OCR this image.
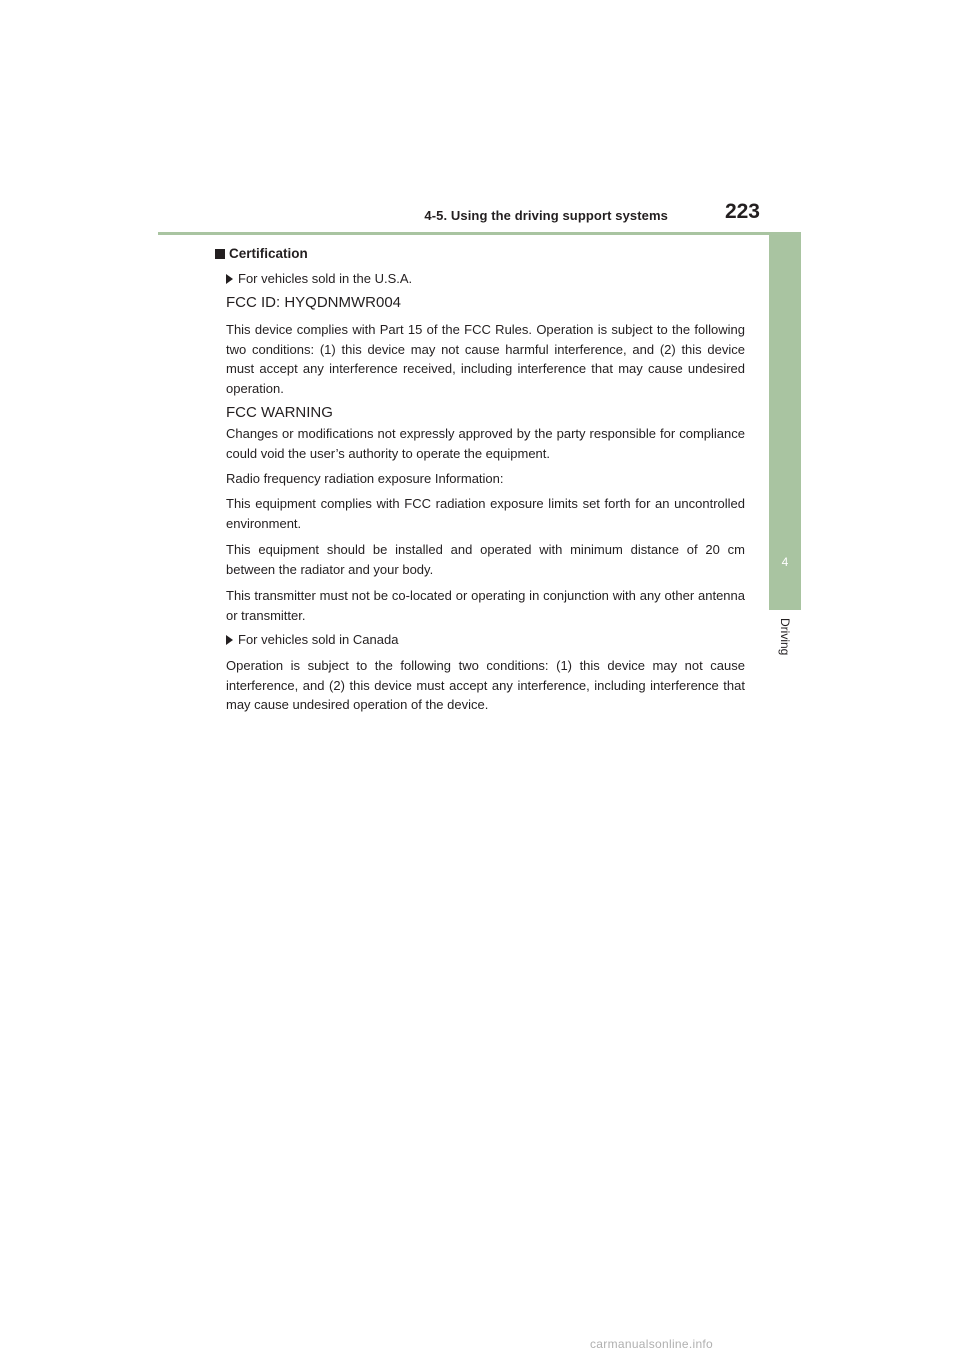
4-5. Using the driving support systems	223
4
Driving
Certification
For vehicles sold in the U.S.A.
FCC ID: HYQDNMWR004
This device complies with Part 15 of the FCC Rules. Operation is subject to the following two conditions: (1) this device may not cause harmful interference, and (2) this device must accept any interference received, including interference that may cause undesired operation.
FCC WARNING
Changes or modifications not expressly approved by the party responsible for compliance could void the user’s authority to operate the equipment.
Radio frequency radiation exposure Information:
This equipment complies with FCC radiation exposure limits set forth for an uncontrolled environment.
This equipment should be installed and operated with minimum distance of 20 cm between the radiator and your body.
This transmitter must not be co-located or operating in conjunction with any other antenna or transmitter.
For vehicles sold in Canada
Operation is subject to the following two conditions: (1) this device may not cause interference, and (2) this device must accept any interference, including interference that may cause undesired operation of the device.
carmanualsonline.info
